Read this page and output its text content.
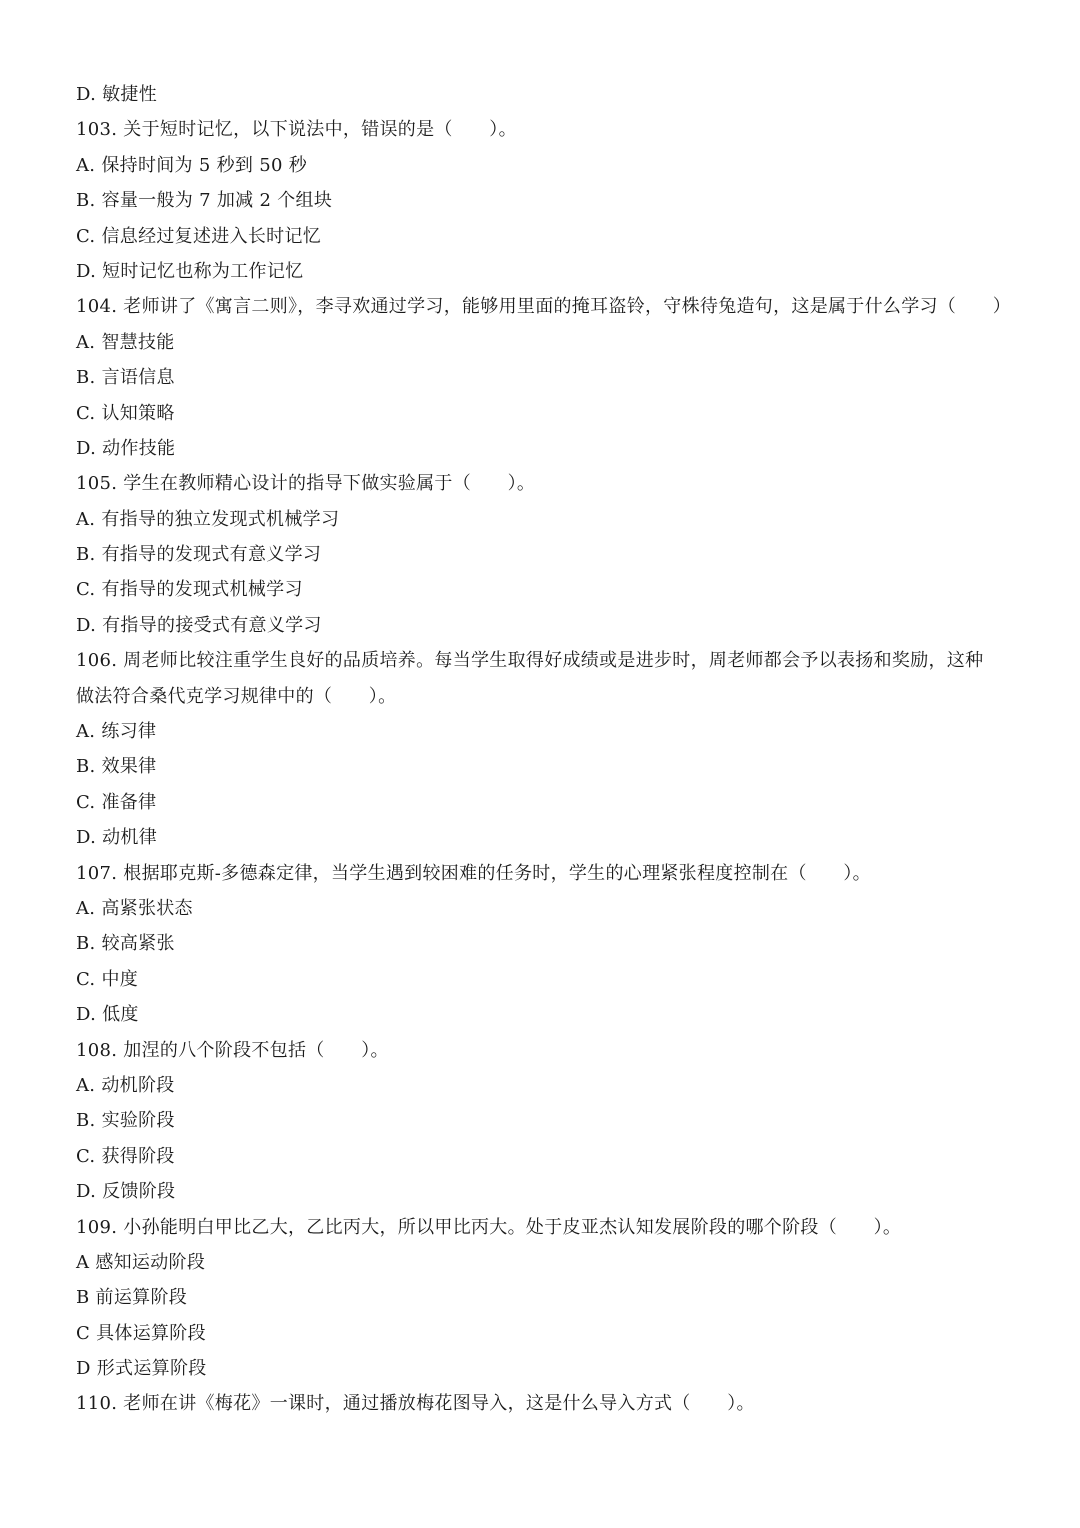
D. 敏捷性
103. 关于短时记忆，以下说法中，错误的是（　　）。
A. 保持时间为 5 秒到 50 秒
B. 容量一般为 7 加减 2 个组块
C. 信息经过复述进入长时记忆
D. 短时记忆也称为工作记忆
104. 老师讲了《寓言二则》，李寻欢通过学习，能够用里面的掩耳盗铃，守株待兔造句，这是属于什么学习（　　）
A. 智慧技能
B. 言语信息
C. 认知策略
D. 动作技能
105. 学生在教师精心设计的指导下做实验属于（　　）。
A. 有指导的独立发现式机械学习
B. 有指导的发现式有意义学习
C. 有指导的发现式机械学习
D. 有指导的接受式有意义学习
106. 周老师比较注重学生良好的品质培养。每当学生取得好成绩或是进步时，周老师都会予以表扬和奖励，这种
做法符合桑代克学习规律中的（　　）。
A. 练习律
B. 效果律
C. 准备律
D. 动机律
107. 根据耶克斯-多德森定律，当学生遇到较困难的任务时，学生的心理紧张程度控制在（　　）。
A. 高紧张状态
B. 较高紧张
C. 中度
D. 低度
108. 加涅的八个阶段不包括（　　）。
A. 动机阶段
B. 实验阶段
C. 获得阶段
D. 反馈阶段
109. 小孙能明白甲比乙大，乙比丙大，所以甲比丙大。处于皮亚杰认知发展阶段的哪个阶段（　　）。
A 感知运动阶段
B 前运算阶段
C 具体运算阶段
D 形式运算阶段
110. 老师在讲《梅花》一课时，通过播放梅花图导入，这是什么导入方式（　　）。
